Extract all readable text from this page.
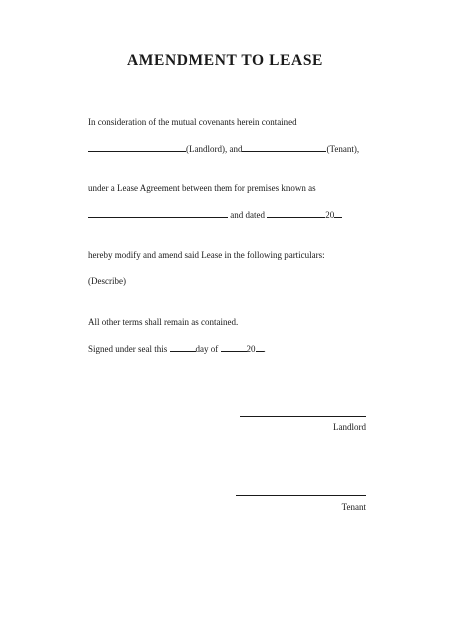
AMENDMENT TO LEASE
In consideration of the mutual covenants herein contained
(Landlord), and	(Tenant),
under a Lease Agreement between them for premises known as
and dated	20
hereby modify and amend said Lease in the following particulars:
(Describe)
All other terms shall remain as contained.
Signed under seal this	day of	20 .
Landlord
Tenant
